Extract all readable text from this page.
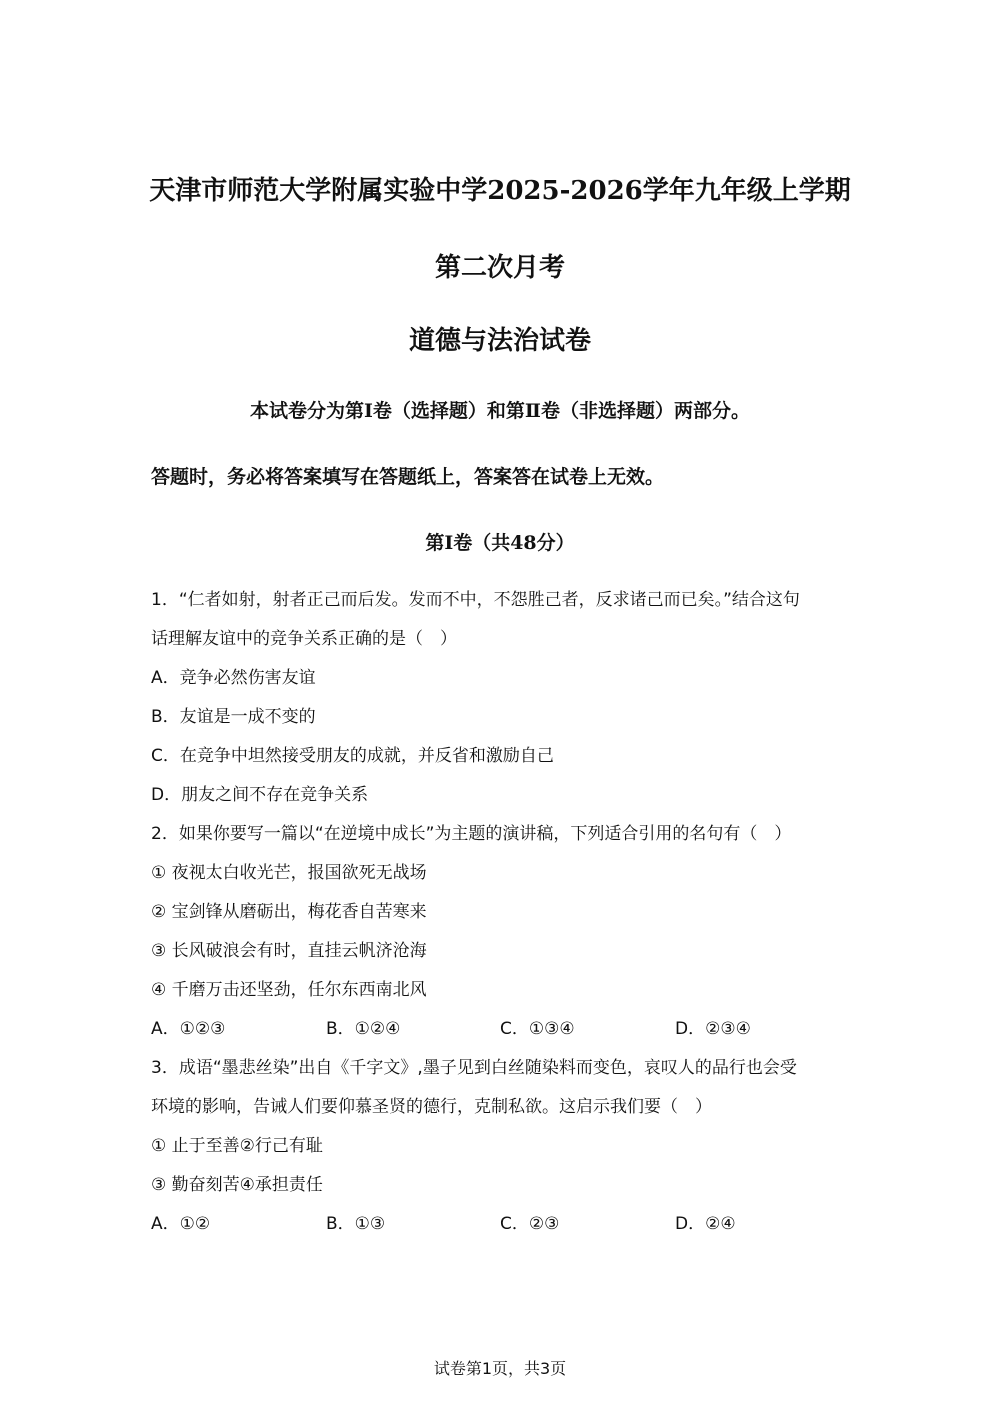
天津市师范大学附属实验中学2025-2026学年九年级上学期
第二次月考
道德与法治试卷
本试卷分为第Ⅰ卷（选择题）和第Ⅱ卷（非选择题）两部分。
答题时，务必将答案填写在答题纸上，答案答在试卷上无效。
第Ⅰ卷（共48分）
1．“仁者如射，射者正己而后发。发而不中，不怨胜己者，反求诸己而已矣。”结合这句
话理解友谊中的竞争关系正确的是（　）
A．竞争必然伤害友谊
B．友谊是一成不变的
C．在竞争中坦然接受朋友的成就，并反省和激励自己
D．朋友之间不存在竞争关系
2．如果你要写一篇以“在逆境中成长”为主题的演讲稿，下列适合引用的名句有（　）
① 夜视太白收光芒，报国欲死无战场
② 宝剑锋从磨砺出，梅花香自苦寒来
③ 长风破浪会有时，直挂云帆济沧海
④ 千磨万击还坚劲，任尔东西南北风
A．①②③	B．①②④	C．①③④	D．②③④
3．成语“墨悲丝染”出自《千字文》,墨子见到白丝随染料而变色，哀叹人的品行也会受
环境的影响，告诫人们要仰慕圣贤的德行，克制私欲。这启示我们要（　）
① 止于至善②行己有耻
③ 勤奋刻苦④承担责任
A．①②	B．①③	C．②③	D．②④
试卷第1页，共3页
